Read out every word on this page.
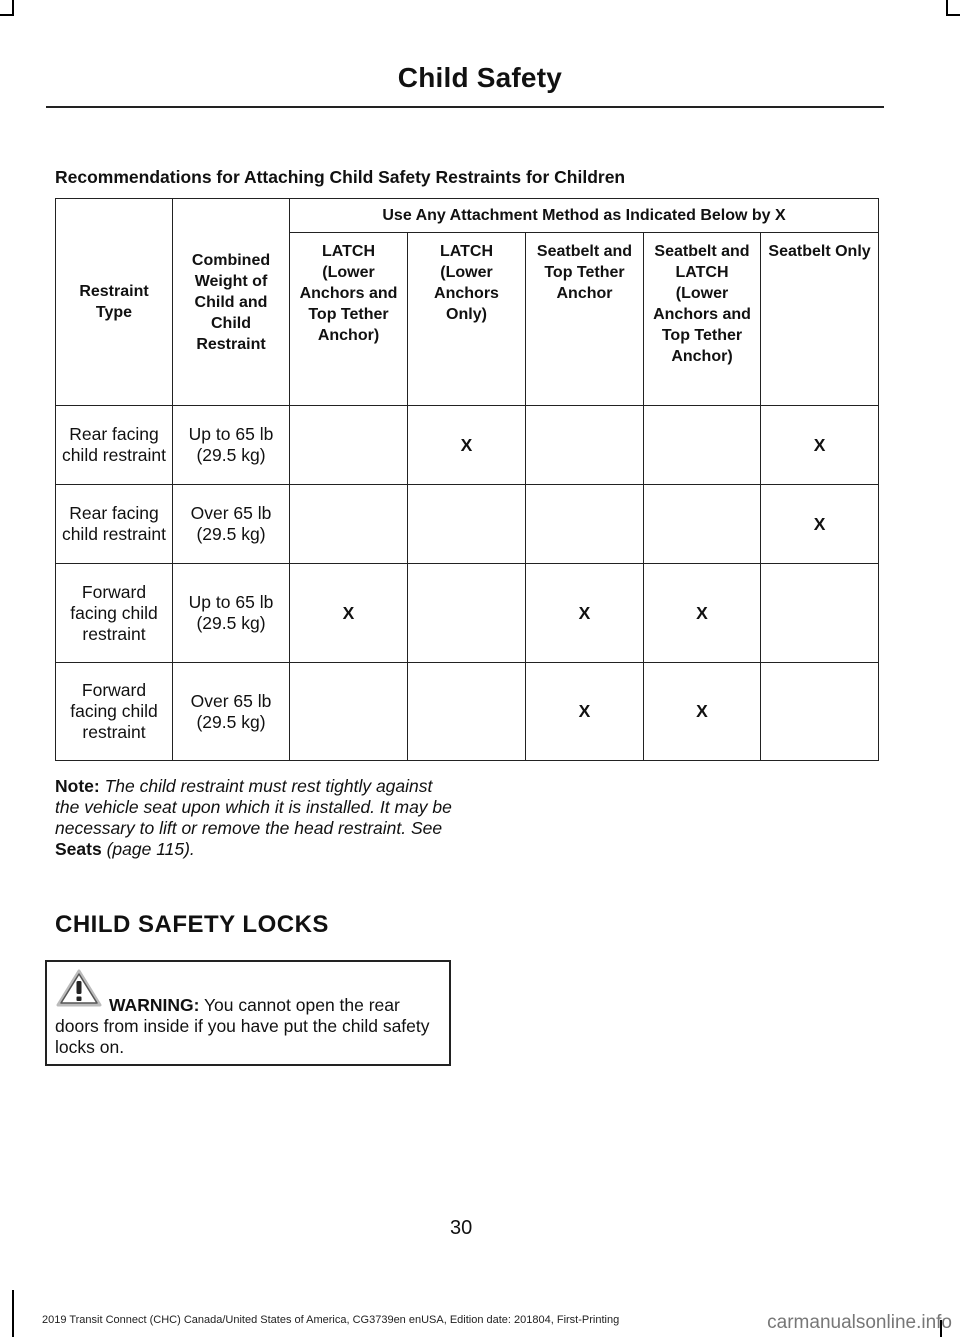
Child Safety
Recommendations for Attaching Child Safety Restraints for Children
Restraint Type	Combined Weight of Child and Child Restraint	Use Any Attachment Method as Indicated Below by X				
		LATCH (Lower Anchors and Top Tether Anchor)	LATCH (Lower Anchors Only)	Seatbelt and Top Tether Anchor	Seatbelt and LATCH (Lower Anchors and Top Tether Anchor)	Seatbelt Only
Rear facing child restraint	Up to 65 lb (29.5 kg)		X			X
Rear facing child restraint	Over 65 lb (29.5 kg)					X
Forward facing child restraint	Up to 65 lb (29.5 kg)	X		X	X	
Forward facing child restraint	Over 65 lb (29.5 kg)			X	X	
Note: The child restraint must rest tightly against the vehicle seat upon which it is installed. It may be necessary to lift or remove the head restraint. See Seats (page 115).
CHILD SAFETY LOCKS
WARNING: You cannot open the rear doors from inside if you have put the child safety locks on.
30
2019 Transit Connect (CHC) Canada/United States of America, CG3739en enUSA, Edition date: 201804, First-Printing	carmanualsonline.info
